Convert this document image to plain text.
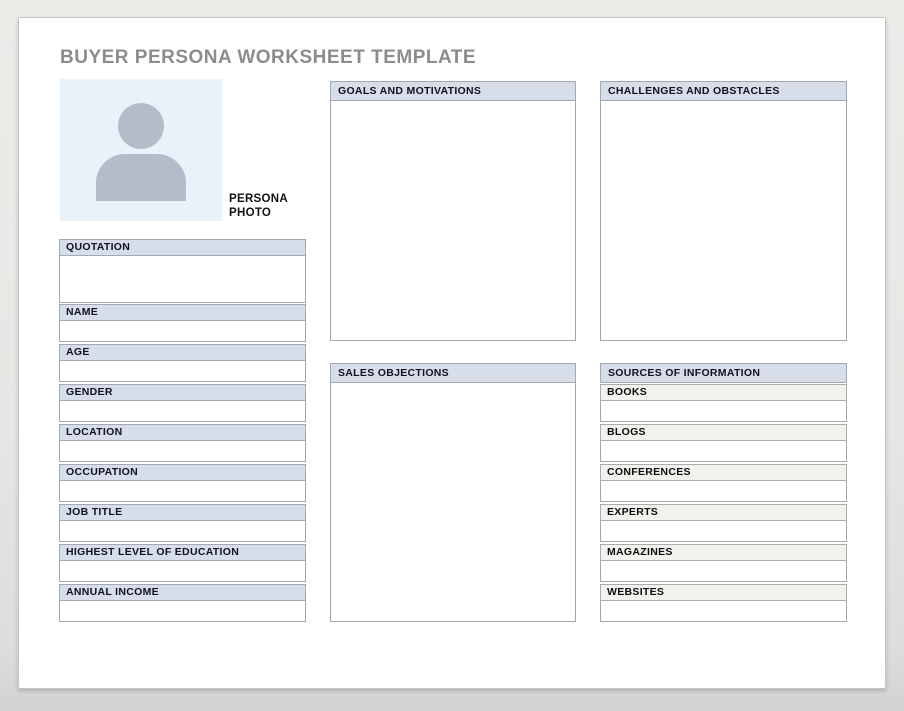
BUYER PERSONA WORKSHEET TEMPLATE
PERSONA
PHOTO
QUOTATION
NAME
AGE
GENDER
LOCATION
OCCUPATION
JOB TITLE
HIGHEST LEVEL OF EDUCATION
ANNUAL INCOME
GOALS AND MOTIVATIONS
SALES OBJECTIONS
CHALLENGES AND OBSTACLES
SOURCES OF INFORMATION
BOOKS
BLOGS
CONFERENCES
EXPERTS
MAGAZINES
WEBSITES
